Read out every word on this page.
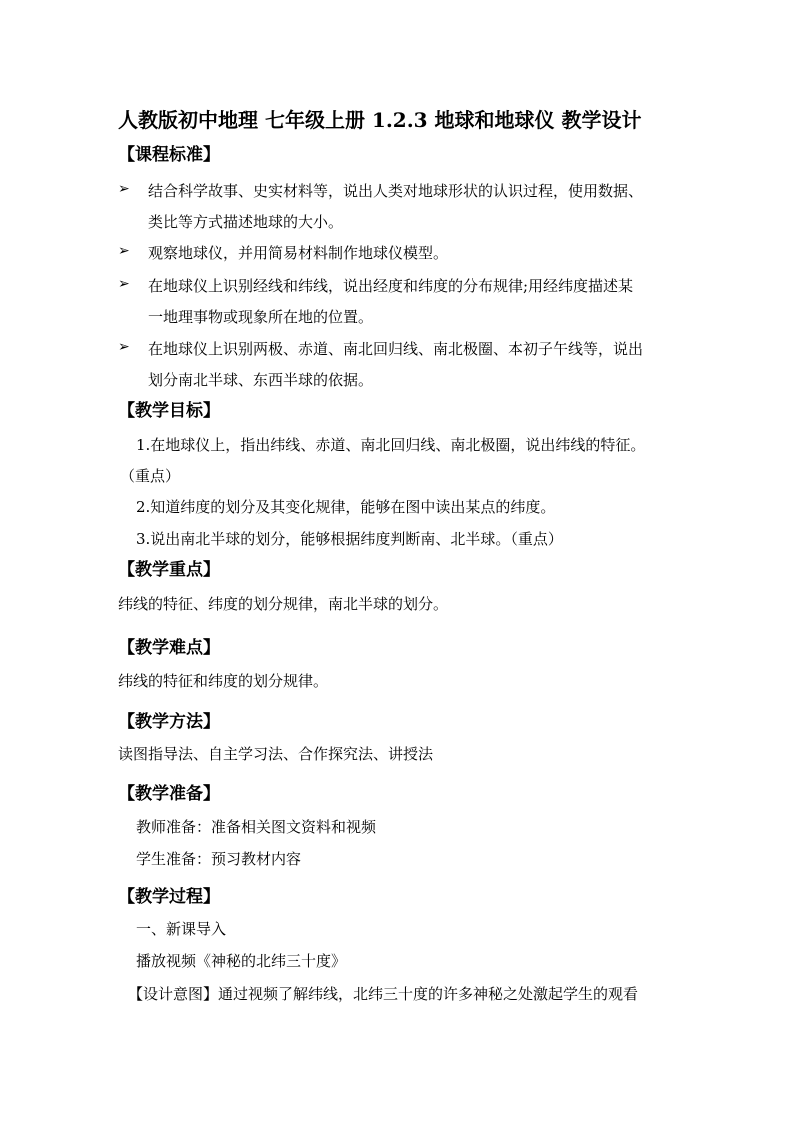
人教版初中地理 七年级上册 1.2.3 地球和地球仪 教学设计
【课程标准】
➢ 结合科学故事、史实材料等，说出人类对地球形状的认识过程，使用数据、
类比等方式描述地球的大小。
➢ 观察地球仪，并用简易材料制作地球仪模型。
➢ 在地球仪上识别经线和纬线，说出经度和纬度的分布规律;用经纬度描述某
一地理事物或现象所在地的位置。
➢ 在地球仪上识别两极、赤道、南北回归线、南北极圈、本初子午线等，说出
划分南北半球、东西半球的依据。
【教学目标】
1.在地球仪上，指出纬线、赤道、南北回归线、南北极圈，说出纬线的特征。
（重点）
2.知道纬度的划分及其变化规律，能够在图中读出某点的纬度。
3.说出南北半球的划分，能够根据纬度判断南、北半球。（重点）
【教学重点】
纬线的特征、纬度的划分规律，南北半球的划分。
【教学难点】
纬线的特征和纬度的划分规律。
【教学方法】
读图指导法、自主学习法、合作探究法、讲授法
【教学准备】
教师准备：准备相关图文资料和视频
学生准备：预习教材内容
【教学过程】
一、新课导入
播放视频《神秘的北纬三十度》
【设计意图】通过视频了解纬线，北纬三十度的许多神秘之处激起学生的观看
